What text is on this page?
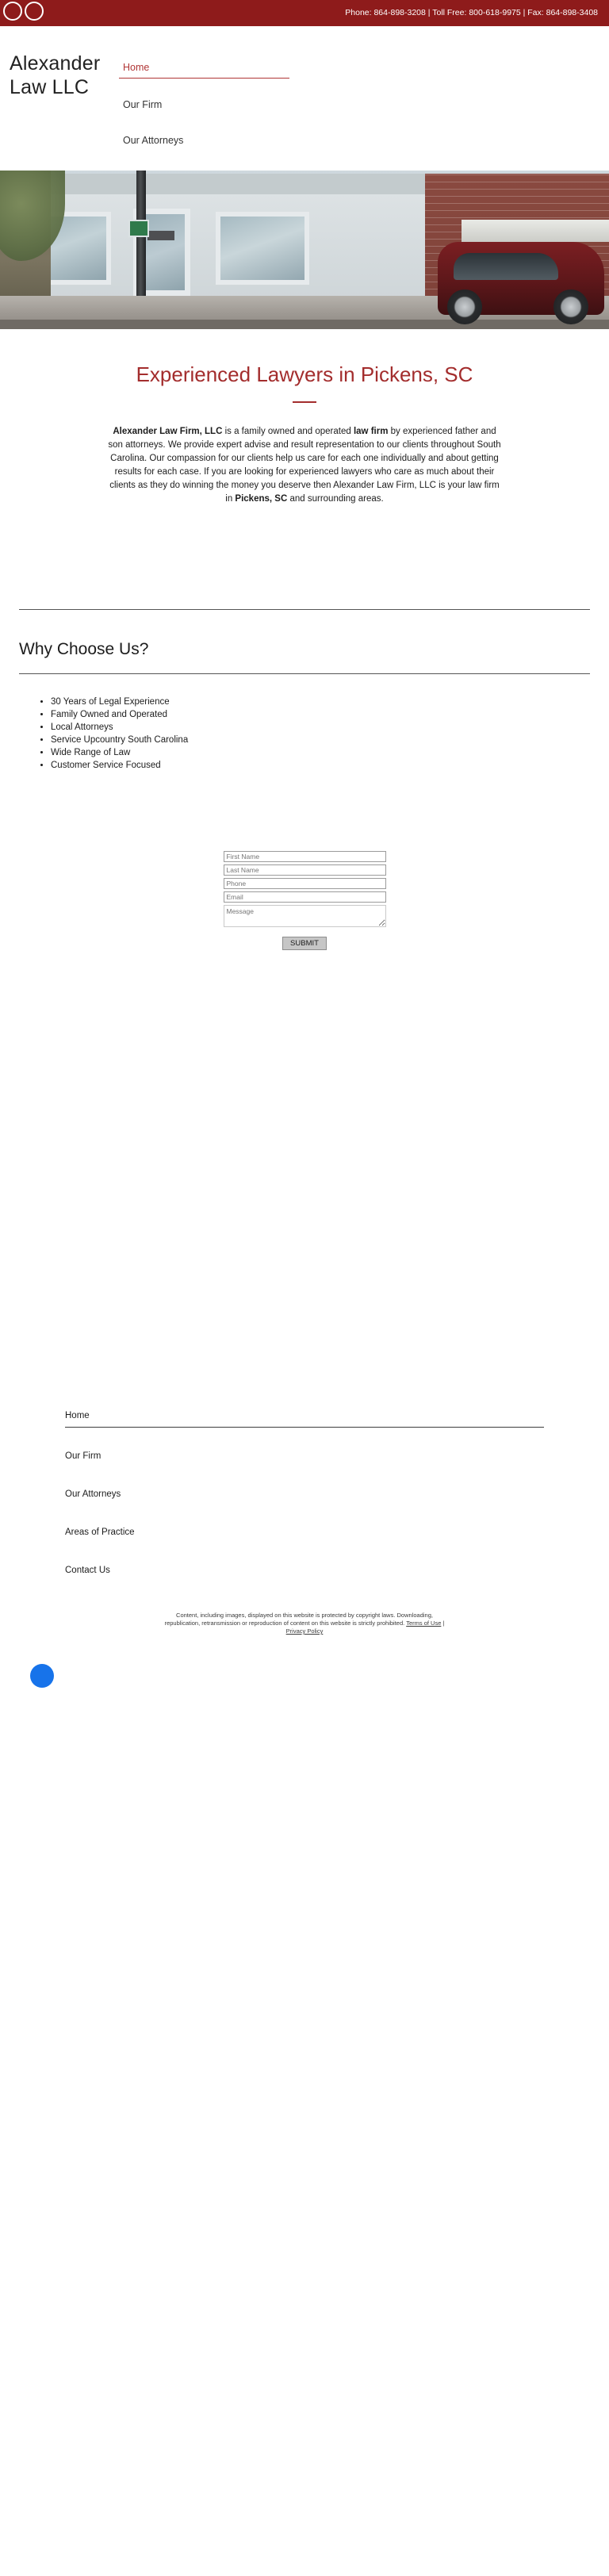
Phone: 864-898-3208 | Toll Free: 800-618-9975 | Fax: 864-898-3408
Alexander Law LLC
Home
Our Firm
Our Attorneys
Experienced Lawyers in Pickens, SC

Alexander Law Firm, LLC is a family owned and operated law firm by experienced father and son attorneys. We provide expert advise and result representation to our clients throughout South Carolina. Our compassion for our clients help us care for each one individually and about getting results for each case. If you are looking for experienced lawyers who care as much about their clients as they do winning the money you deserve then Alexander Law Firm, LLC is your law firm in Pickens, SC and surrounding areas.

Why Choose Us?
• 30 Years of Legal Experience
• Family Owned and Operated
• Local Attorneys
• Service Upcountry South Carolina
• Wide Range of Law
• Customer Service Focused
First Name
Last Name
Phone
Email
Message
SUBMIT
Home
Our Firm
Our Attorneys
Areas of Practice
Contact Us
Content, including images, displayed on this website is protected by copyright laws. Downloading, republication, retransmission or reproduction of content on this website is strictly prohibited. Terms of Use | Privacy Policy
